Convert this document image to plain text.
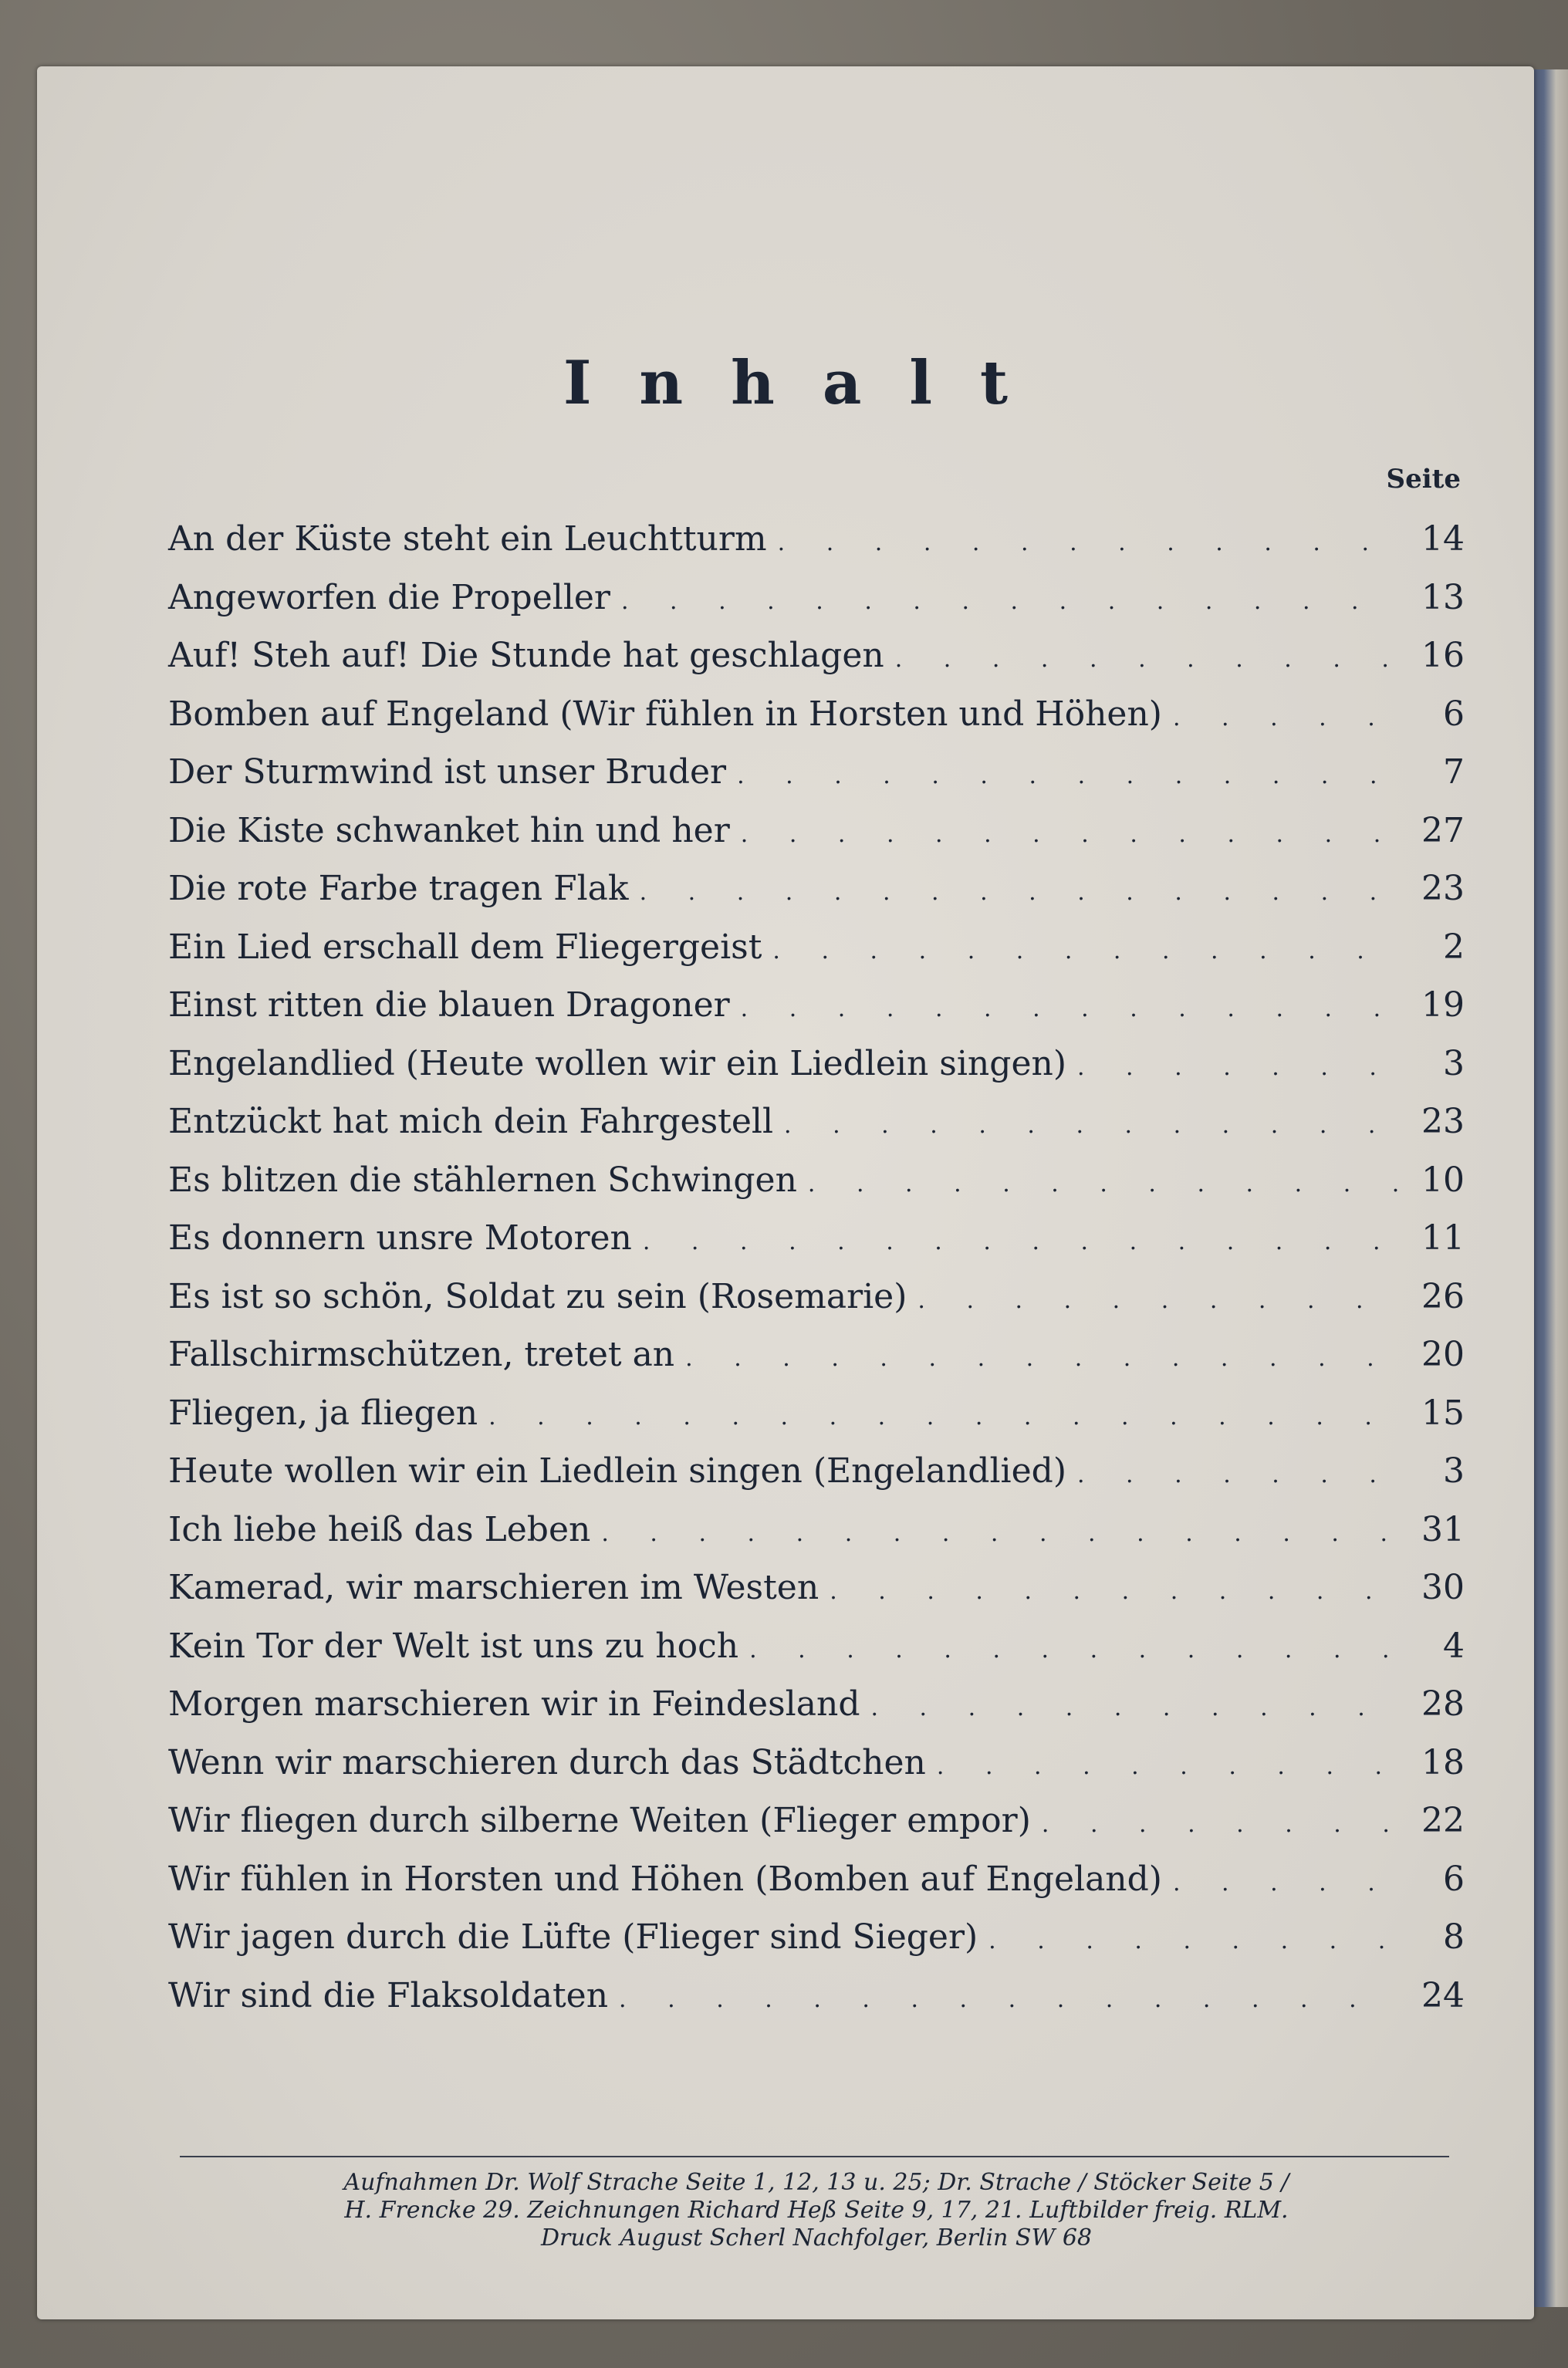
Inhalt
Seite
An der Küste steht ein Leuchtturm . . .	14
Angeworfen die Propeller . . .	13
Auf! Steh auf! Die Stunde hat geschlagen . . .	16
Bomben auf Engeland (Wir fühlen in Horsten und Höhen) . . .	6
Der Sturmwind ist unser Bruder . . .	7
Die Kiste schwanket hin und her . . .	27
Die rote Farbe tragen Flak . . .	23
Ein Lied erschall dem Fliegergeist . . .	2
Einst ritten die blauen Dragoner . . .	19
Engelandlied (Heute wollen wir ein Liedlein singen) . . .	3
Entzückt hat mich dein Fahrgestell . . .	23
Es blitzen die stählernen Schwingen . . .	10
Es donnern unsre Motoren . . .	11
Es ist so schön, Soldat zu sein (Rosemarie) . . .	26
Fallschirmschützen, tretet an . . .	20
Fliegen, ja fliegen . . .	15
Heute wollen wir ein Liedlein singen (Engelandlied) . . .	3
Ich liebe heiß das Leben . . .	31
Kamerad, wir marschieren im Westen . . .	30
Kein Tor der Welt ist uns zu hoch . . .	4
Morgen marschieren wir in Feindesland . . .	28
Wenn wir marschieren durch das Städtchen . . .	18
Wir fliegen durch silberne Weiten (Flieger empor) . . .	22
Wir fühlen in Horsten und Höhen (Bomben auf Engeland) . . .	6
Wir jagen durch die Lüfte (Flieger sind Sieger) . . .	8
Wir sind die Flaksoldaten . . .	24
Aufnahmen Dr. Wolf Strache Seite 1, 12, 13 u. 25; Dr. Strache / Stöcker Seite 5 /
H. Frencke 29. Zeichnungen Richard Heß Seite 9, 17, 21. Luftbilder freig. RLM.
Druck August Scherl Nachfolger, Berlin SW 68
